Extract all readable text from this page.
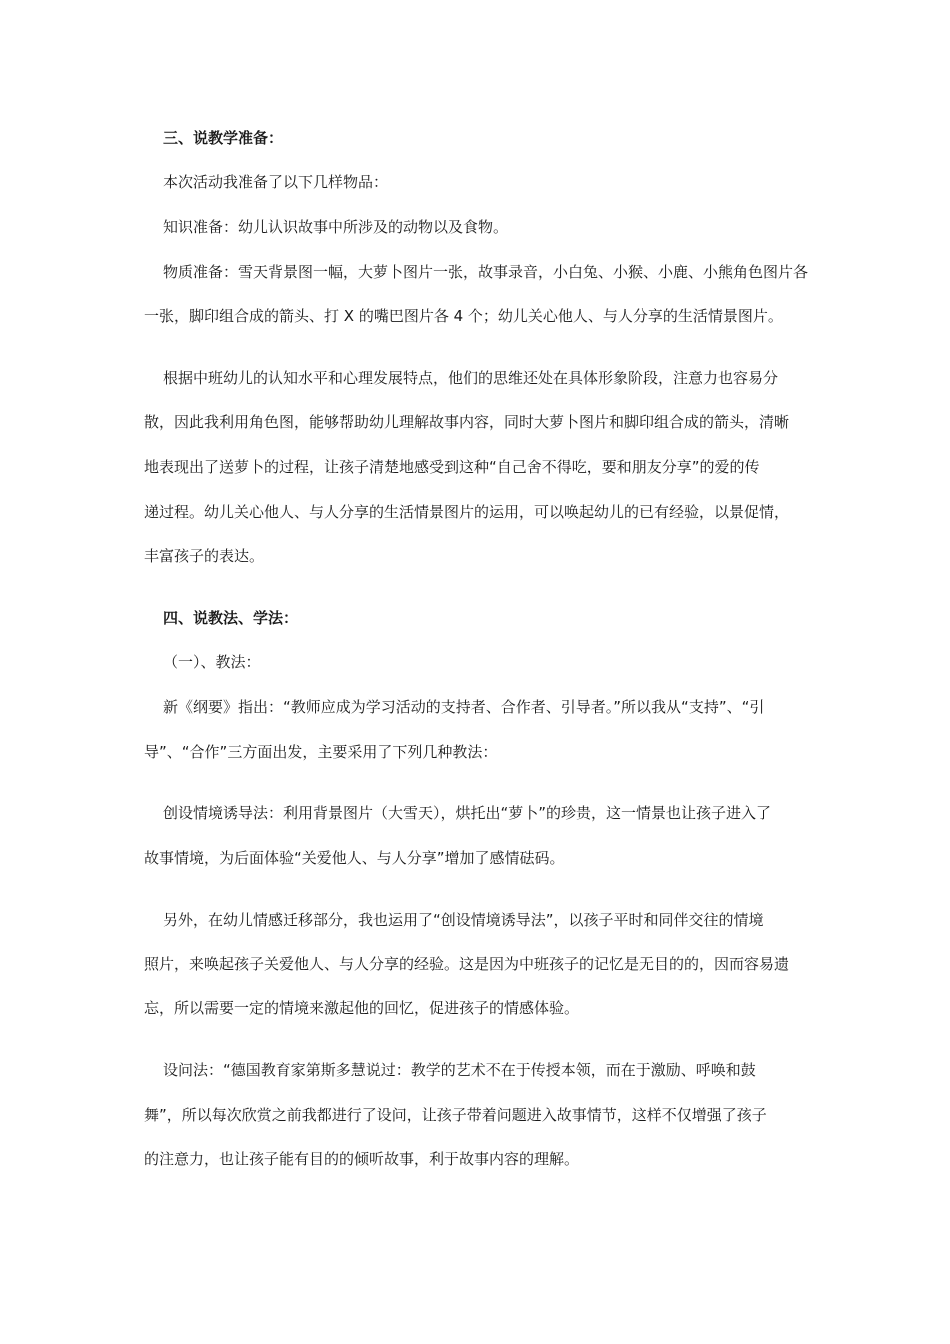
三、说教学准备：
本次活动我准备了以下几样物品：
知识准备：幼儿认识故事中所涉及的动物以及食物。
物质准备：雪天背景图一幅，大萝卜图片一张，故事录音，小白兔、小猴、小鹿、小熊角色图片各
一张，脚印组合成的箭头、打 X 的嘴巴图片各 4 个；幼儿关心他人、与人分享的生活情景图片。
根据中班幼儿的认知水平和心理发展特点，他们的思维还处在具体形象阶段，注意力也容易分
散，因此我利用角色图，能够帮助幼儿理解故事内容，同时大萝卜图片和脚印组合成的箭头，清晰
地表现出了送萝卜的过程，让孩子清楚地感受到这种“自己舍不得吃，要和朋友分享”的爱的传
递过程。幼儿关心他人、与人分享的生活情景图片的运用，可以唤起幼儿的已有经验，以景促情，
丰富孩子的表达。
四、说教法、学法：
（一）、教法：
新《纲要》指出：“教师应成为学习活动的支持者、合作者、引导者。”所以我从“支持”、“引
导”、“合作”三方面出发，主要采用了下列几种教法：
创设情境诱导法：利用背景图片（大雪天），烘托出“萝卜”的珍贵，这一情景也让孩子进入了
故事情境，为后面体验“关爱他人、与人分享”增加了感情砝码。
另外，在幼儿情感迁移部分，我也运用了“创设情境诱导法”，以孩子平时和同伴交往的情境
照片，来唤起孩子关爱他人、与人分享的经验。这是因为中班孩子的记忆是无目的的，因而容易遗
忘，所以需要一定的情境来激起他的回忆，促进孩子的情感体验。
设问法：“德国教育家第斯多慧说过：教学的艺术不在于传授本领，而在于激励、呼唤和鼓
舞”，所以每次欣赏之前我都进行了设问，让孩子带着问题进入故事情节，这样不仅增强了孩子
的注意力，也让孩子能有目的的倾听故事，利于故事内容的理解。
